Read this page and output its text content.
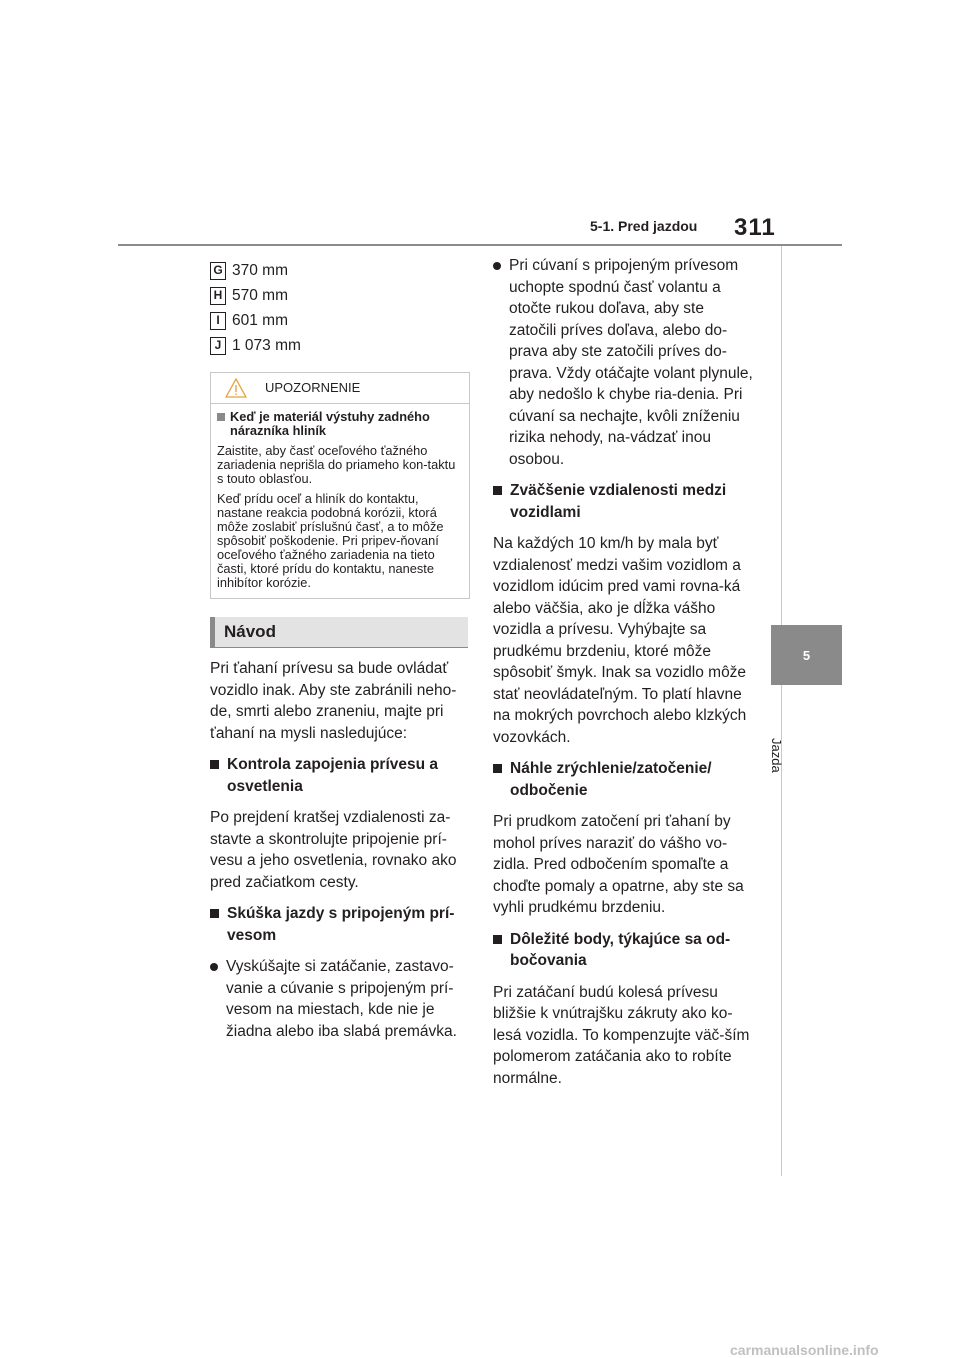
5-1. Pred jazdou 311
5
Jazda
G 370 mm
H 570 mm
I 601 mm
J 1 073 mm
UPOZORNENIE
Keď je materiál výstuhy zadného nárazníka hliník
Zaistite, aby časť oceľového ťažného zariadenia neprišla do priameho kon-taktu s touto oblasťou.
Keď prídu oceľ a hliník do kontaktu, nastane reakcia podobná korózii, ktorá môže zoslabiť príslušnú časť, a to môže spôsobiť poškodenie. Pri pripev-ňovaní oceľového ťažného zariadenia na tieto časti, ktoré prídu do kontaktu, naneste inhibítor korózie.
Návod
Pri ťahaní prívesu sa bude ovládať vozidlo inak. Aby ste zabránili neho-de, smrti alebo zraneniu, majte pri ťahaní na mysli nasledujúce:
Kontrola zapojenia prívesu a osvetlenia
Po prejdení kratšej vzdialenosti za-stavte a skontrolujte pripojenie prí-vesu a jeho osvetlenia, rovnako ako pred začiatkom cesty.
Skúška jazdy s pripojeným prí-vesom
Vyskúšajte si zatáčanie, zastavo-vanie a cúvanie s pripojeným prí-vesom na miestach, kde nie je žiadna alebo iba slabá premávka.
Pri cúvaní s pripojeným prívesom uchopte spodnú časť volantu a otočte rukou doľava, aby ste zatočili príves doľava, alebo do-prava aby ste zatočili príves do-prava. Vždy otáčajte volant plynule, aby nedošlo k chybe ria-denia. Pri cúvaní sa nechajte, kvôli zníženiu rizika nehody, na-vádzať inou osobou.
Zväčšenie vzdialenosti medzi vozidlami
Na každých 10 km/h by mala byť vzdialenosť medzi vašim vozidlom a vozidlom idúcim pred vami rovna-ká alebo väčšia, ako je dĺžka vášho vozidla a prívesu. Vyhýbajte sa prudkému brzdeniu, ktoré môže spôsobiť šmyk. Inak sa vozidlo môže stať neovládateľným. To platí hlavne na mokrých povrchoch alebo klzkých vozovkách.
Náhle zrýchlenie/zatočenie/ odbočenie
Pri prudkom zatočení pri ťahaní by mohol príves naraziť do vášho vo-zidla. Pred odbočením spomaľte a choďte pomaly a opatrne, aby ste sa vyhli prudkému brzdeniu.
Dôležité body, týkajúce sa od-bočovania
Pri zatáčaní budú kolesá prívesu bližšie k vnútrajšku zákruty ako ko-lesá vozidla. To kompenzujte väč-ším polomerom zatáčania ako to robíte normálne.
carmanualsonline.info
